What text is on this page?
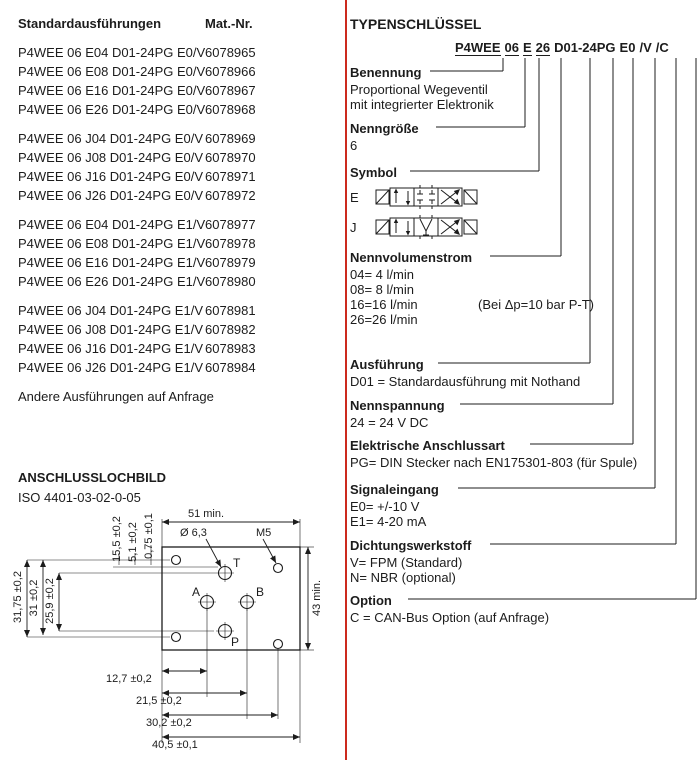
Standardausführungen	Mat.-Nr.
P4WEE 06 E04 D01-24PG E0/V 6078965
P4WEE 06 E08 D01-24PG E0/V 6078966
P4WEE 06 E16 D01-24PG E0/V 6078967
P4WEE 06 E26 D01-24PG E0/V 6078968
P4WEE 06 J04 D01-24PG E0/V 6078969
P4WEE 06 J08 D01-24PG E0/V 6078970
P4WEE 06 J16 D01-24PG E0/V 6078971
P4WEE 06 J26 D01-24PG E0/V 6078972
P4WEE 06 E04 D01-24PG E1/V 6078977
P4WEE 06 E08 D01-24PG E1/V 6078978
P4WEE 06 E16 D01-24PG E1/V 6078979
P4WEE 06 E26 D01-24PG E1/V 6078980
P4WEE 06 J04 D01-24PG E1/V 6078981
P4WEE 06 J08 D01-24PG E1/V 6078982
P4WEE 06 J16 D01-24PG E1/V 6078983
P4WEE 06 J26 D01-24PG E1/V 6078984
Andere Ausführungen auf Anfrage
ANSCHLUSSLOCHBILD
ISO 4401-03-02-0-05
T
A	B
P
51 min.
Ø 6,3	M5
15,5 ±0,2 5,1 ±0,2 0,75 ±0,1
31,75 ±0,2 31 ±0,2 25,9 ±0,2	43 min.
12,7 ±0,2
21,5 ±0,2
30,2 ±0,2
40,5 ±0,1
TYPENSCHLÜSSEL
P4WEE 06 E 26 D01-24PG E0 /V /C
Benennung
Proportional Wegeventil
mit integrierter Elektronik
Nenngröße
6
Symbol
E
J
Nennvolumenstrom
04= 4 l/min
08= 8 l/min
16=16 l/min	(Bei Δp=10 bar P-T)
26=26 l/min
Ausführung
D01 = Standardausführung mit Nothand
Nennspannung
24 = 24 V DC
Elektrische Anschlussart
PG= DIN Stecker nach EN175301-803 (für Spule)
Signaleingang
E0= +/-10 V
E1= 4-20 mA
Dichtungswerkstoff
V= FPM (Standard)
N= NBR (optional)
Option
C = CAN-Bus Option (auf Anfrage)
